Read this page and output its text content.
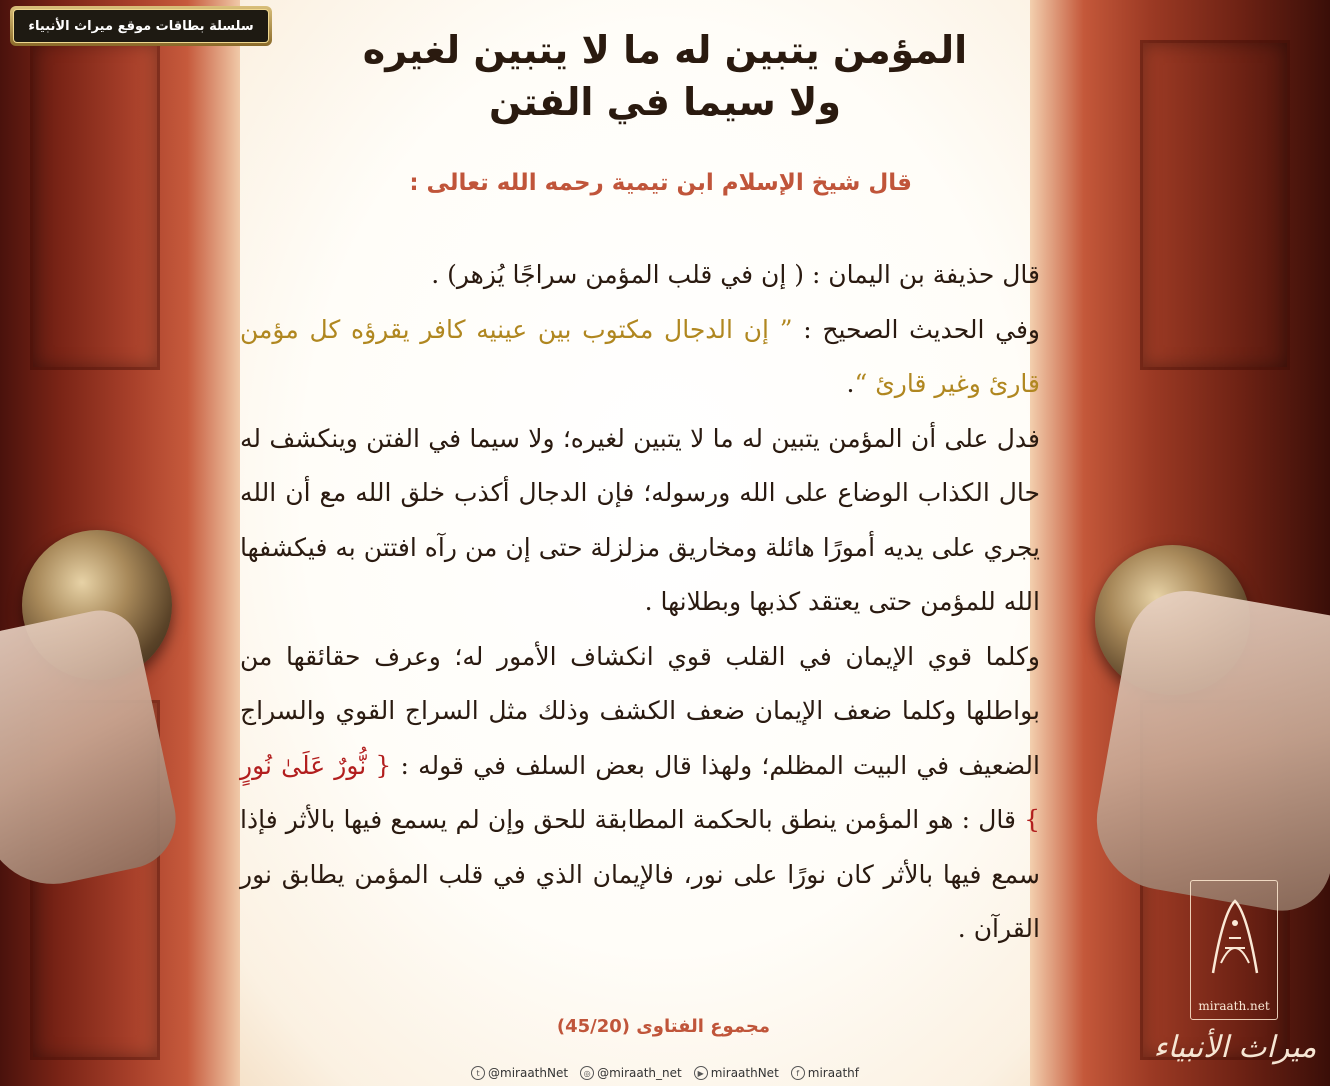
سلسلة بطاقات موقع ميراث الأنبياء
المؤمن يتبين له ما لا يتبين لغيره
ولا سيما في الفتن
قال شيخ الإسلام ابن تيمية رحمه الله تعالى :

قال حذيفة بن اليمان : ( إن في قلب المؤمن سراجًا يُزهر) .

وفي الحديث الصحيح : ” إن الدجال مكتوب بين عينيه كافر يقرؤه كل مؤمن قارئ وغير قارئ “.

فدل على أن المؤمن يتبين له ما لا يتبين لغيره؛ ولا سيما في الفتن وينكشف له حال الكذاب الوضاع على الله ورسوله؛ فإن الدجال أكذب خلق الله مع أن الله يجري على يديه أمورًا هائلة ومخاريق مزلزلة حتى إن من رآه افتتن به فيكشفها الله للمؤمن حتى يعتقد كذبها وبطلانها .

وكلما قوي الإيمان في القلب قوي انكشاف الأمور له؛ وعرف حقائقها من بواطلها وكلما ضعف الإيمان ضعف الكشف وذلك مثل السراج القوي والسراج الضعيف في البيت المظلم؛ ولهذا قال بعض السلف في قوله : { نُّورٌ عَلَىٰ نُورٍ } قال : هو المؤمن ينطق بالحكمة المطابقة للحق وإن لم يسمع فيها بالأثر فإذا سمع فيها بالأثر كان نورًا على نور، فالإيمان الذي في قلب المؤمن يطابق نور القرآن .

مجموع الفتاوى (45/20)
t @miraathNet	◎ @miraath_net	▶ miraathNet	f miraathf
miraath.net
ميراث الأنبياء
